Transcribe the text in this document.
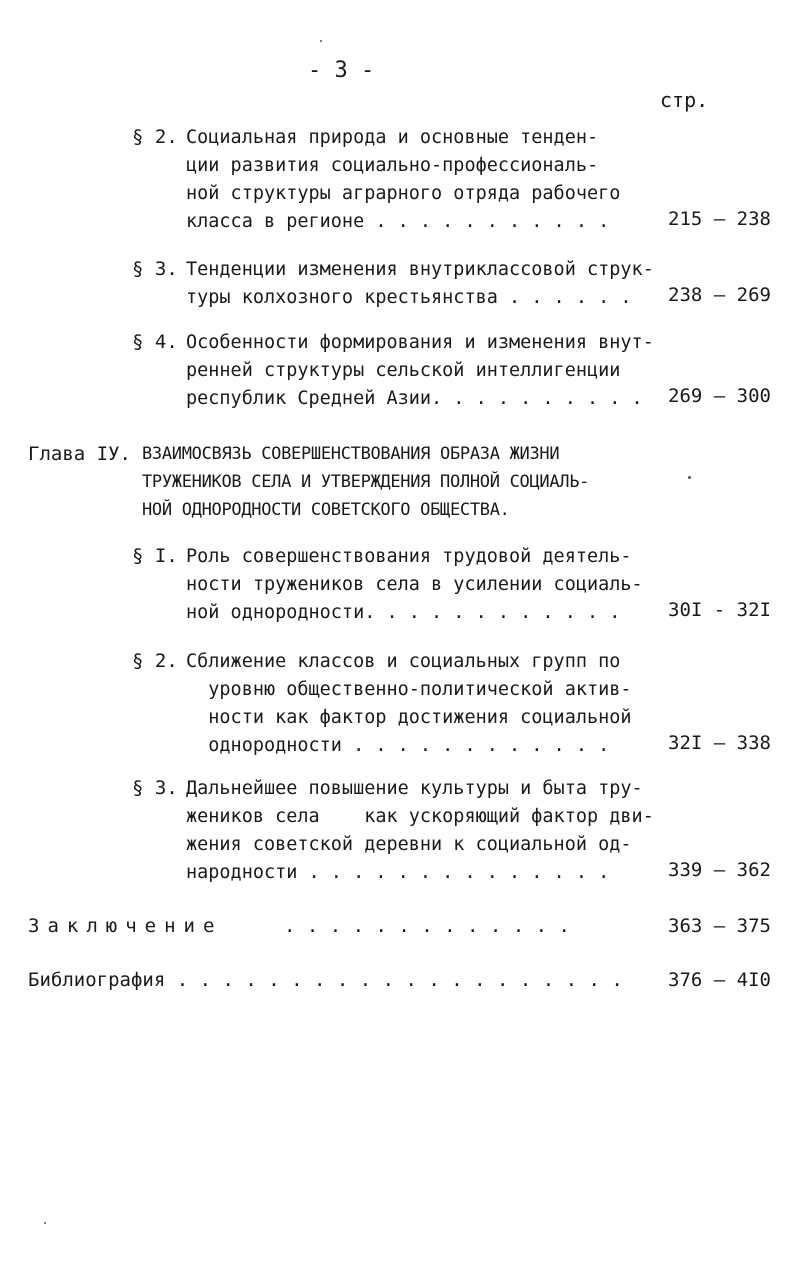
- 3 -
стр.
§ 2. Социальная природа и основные тенден-
ции развития социально-профессиональ-
ной структуры аграрного отряда рабочего
класса в регионе . . . . . . . . . . .	215 – 238
§ 3. Тенденции изменения внутриклассовой струк-
туры колхозного крестьянства . . . . . . 238 – 269
§ 4. Особенности формирования и изменения внут-
ренней структуры сельской интеллигенции
республик Средней Азии. . . . . . . . . . 269 – 300
Глава IУ. ВЗАИМОСВЯЗЬ СОВЕРШЕНСТВОВАНИЯ ОБРАЗА ЖИЗНИ
ТРУЖЕНИКОВ СЕЛА И УТВЕРЖДЕНИЯ ПОЛНОЙ СОЦИАЛЬ-
НОЙ ОДНОРОДНОСТИ СОВЕТСКОГО ОБЩЕСТВА.
§ I. Роль совершенствования трудовой деятель-
ности тружеников села в усилении социаль-
ной однородности. . . . . . . . . . . .	30I - 32I
§ 2. Сближение классов и социальных групп по
уровню общественно-политической актив-
ности как фактор достижения социальной
однородности . . . . . . . . . . . .	32I – 338
§ 3. Дальнейшее повышение культуры и быта тру-
жеников села    как ускоряющий фактор дви-
жения советской деревни к социальной од-
народности . . . . . . . . . . . . . .	339 – 362
Заключение	. . . . . . . . . . . . .	363 – 375
Библиография . . . . . . . . . . . . . . . . . . . . 376 – 4I0
